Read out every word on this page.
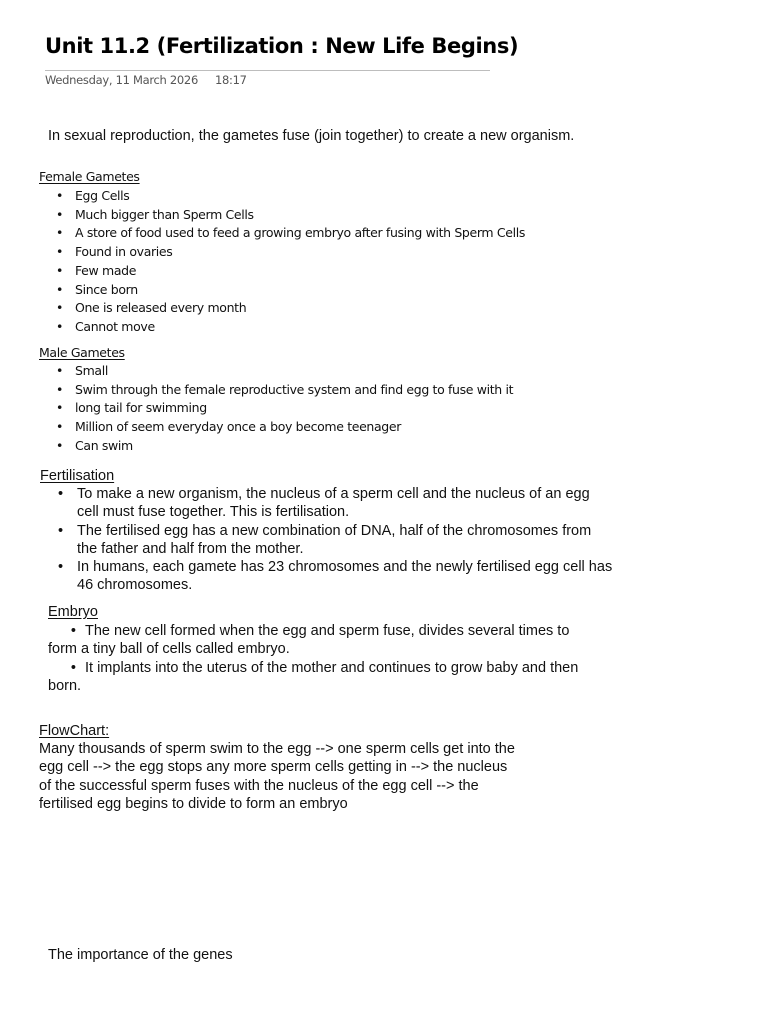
Unit 11.2 (Fertilization : New Life Begins)
Wednesday, 11 March 2026 18:17
In sexual reproduction, the gametes fuse (join together) to create a new organism.
Female Gametes
• Egg Cells
• Much bigger than Sperm Cells
• A store of food used to feed a growing embryo after fusing with Sperm Cells
• Found in ovaries
• Few made
• Since born
• One is released every month
• Cannot move
Male Gametes
• Small
• Swim through the female reproductive system and find egg to fuse with it
• long tail for swimming
• Million of seem everyday once a boy become teenager
• Can swim
Fertilisation
• To make a new organism, the nucleus of a sperm cell and the nucleus of an egg cell must fuse together. This is fertilisation.
• The fertilised egg has a new combination of DNA, half of the chromosomes from the father and half from the mother.
• In humans, each gamete has 23 chromosomes and the newly fertilised egg cell has 46 chromosomes.
Embryo
• The new cell formed when the egg and sperm fuse, divides several times to
form a tiny ball of cells called embryo.
• It implants into the uterus of the mother and continues to grow baby and then
born.
FlowChart:
Many thousands of sperm swim to the egg --> one sperm cells get into the
egg cell --> the egg stops any more sperm cells getting in --> the nucleus
of the successful sperm fuses with the nucleus of the egg cell --> the
fertilised egg begins to divide to form an embryo
The importance of the genes
